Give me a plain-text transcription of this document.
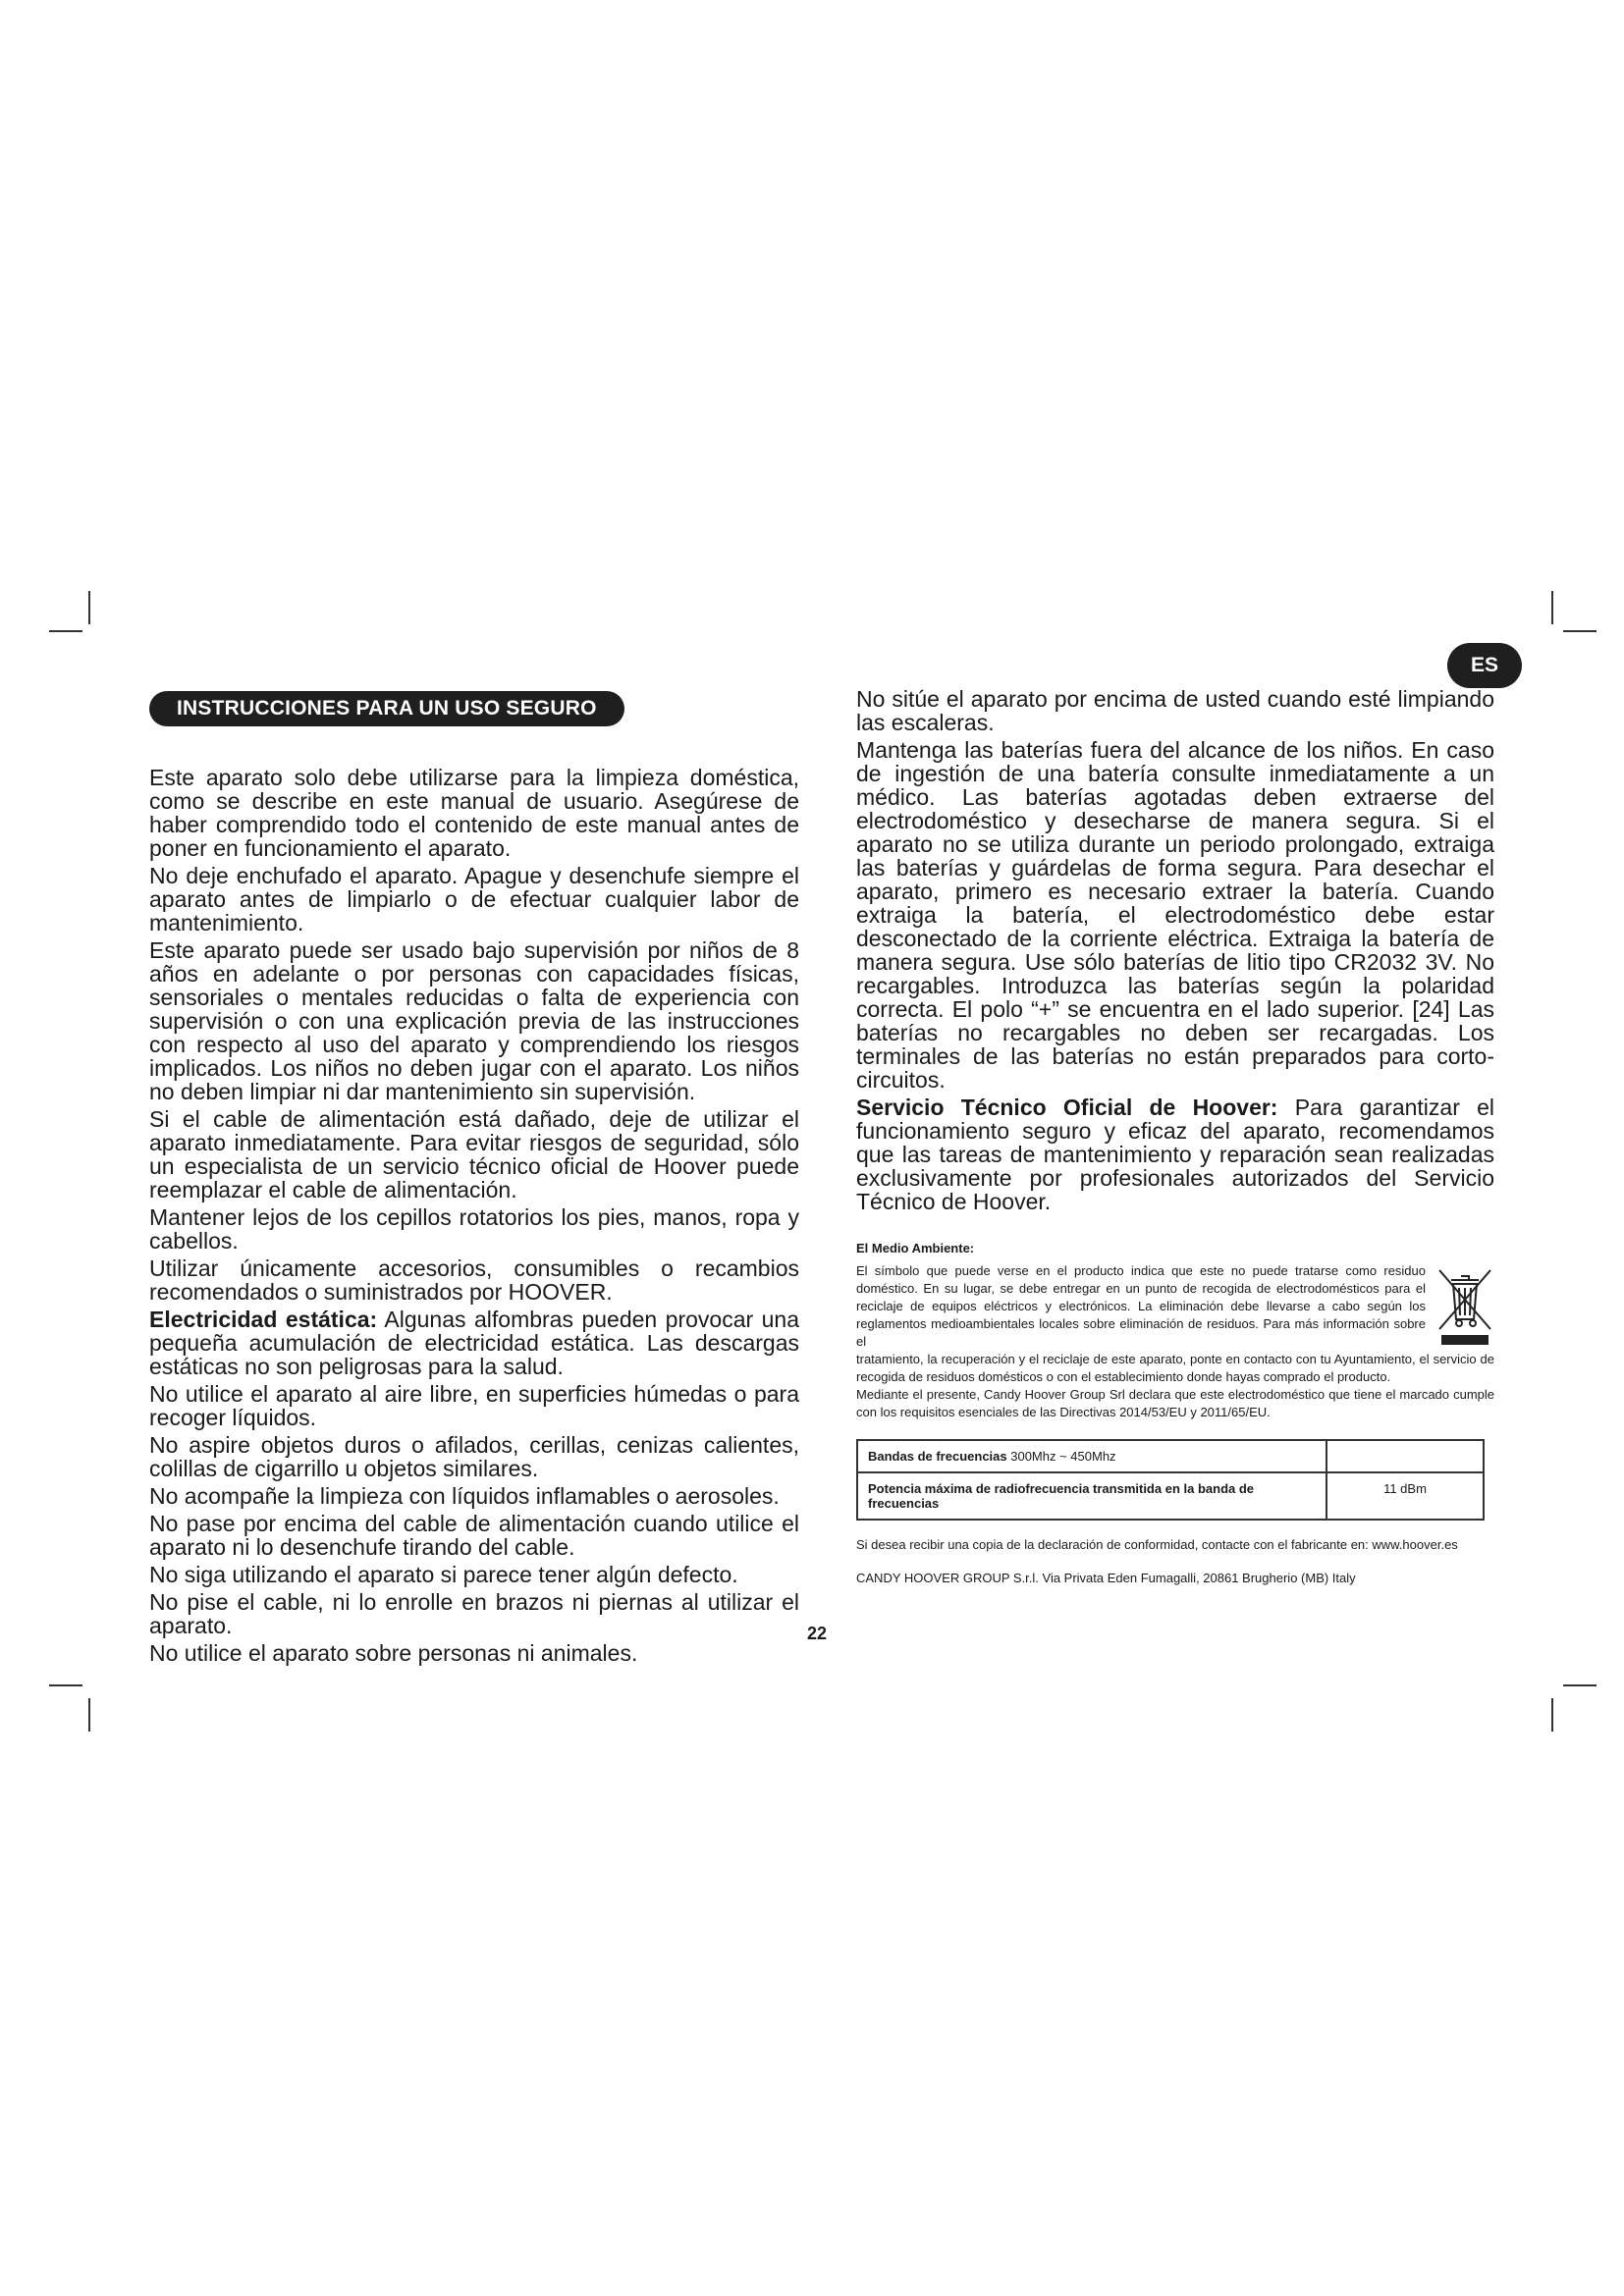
ES
INSTRUCCIONES PARA UN USO SEGURO

Este aparato solo debe utilizarse para la limpieza doméstica, como se describe en este manual de usuario. Asegúrese de haber comprendido todo el contenido de este manual antes de poner en funcionamiento el aparato.

No deje enchufado el aparato. Apague y desenchufe siempre el aparato antes de limpiarlo o de efectuar cualquier labor de mantenimiento.

Este aparato puede ser usado bajo supervisión por niños de 8 años en adelante o por personas con capacidades físicas, sensoriales o mentales reducidas o falta de experiencia con supervisión o con una explicación previa de las instrucciones con respecto al uso del aparato y comprendiendo los riesgos implicados. Los niños no deben jugar con el aparato. Los niños no deben limpiar ni dar mantenimiento sin supervisión.

Si el cable de alimentación está dañado, deje de utilizar el aparato inmediatamente. Para evitar riesgos de seguridad, sólo un especialista de un servicio técnico oficial de Hoover puede reemplazar el cable de alimentación.

Mantener lejos de los cepillos rotatorios los pies, manos, ropa y cabellos.

Utilizar únicamente accesorios, consumibles o recambios recomendados o suministrados por HOOVER.

Electricidad estática: Algunas alfombras pueden provocar una pequeña acumulación de electricidad estática. Las descargas estáticas no son peligrosas para la salud.

No utilice el aparato al aire libre, en superficies húmedas o para recoger líquidos.

No aspire objetos duros o afilados, cerillas, cenizas calientes, colillas de cigarrillo u objetos similares.

No acompañe la limpieza con líquidos inflamables o aerosoles.

No pase por encima del cable de alimentación cuando utilice el aparato ni lo desenchufe tirando del cable.

No siga utilizando el aparato si parece tener algún defecto.

No pise el cable, ni lo enrolle en brazos ni piernas al utilizar el aparato.

No utilice el aparato sobre personas ni animales.

No sitúe el aparato por encima de usted cuando esté limpiando las escaleras.

Mantenga las baterías fuera del alcance de los niños. En caso de ingestión de una batería consulte inmediatamente a un médico. Las baterías agotadas deben extraerse del electrodoméstico y desecharse de manera segura. Si el aparato no se utiliza durante un periodo prolongado, extraiga las baterías y guárdelas de forma segura. Para desechar el aparato, primero es necesario extraer la batería. Cuando extraiga la batería, el electrodoméstico debe estar desconectado de la corriente eléctrica. Extraiga la batería de manera segura. Use sólo baterías de litio tipo CR2032 3V. No recargables. Introduzca las baterías según la polaridad correcta. El polo “+” se encuentra en el lado superior. [24] Las baterías no recargables no deben ser recargadas. Los terminales de las baterías no están preparados para corto-circuitos.

Servicio Técnico Oficial de Hoover: Para garantizar el funcionamiento seguro y eficaz del aparato, recomendamos que las tareas de mantenimiento y reparación sean realizadas exclusivamente por profesionales autorizados del Servicio Técnico de Hoover.

El Medio Ambiente:

El símbolo que puede verse en el producto indica que este no puede tratarse como residuo doméstico. En su lugar, se debe entregar en un punto de recogida de electrodomésticos para el reciclaje de equipos eléctricos y electrónicos. La eliminación debe llevarse a cabo según los reglamentos medioambientales locales sobre eliminación de residuos. Para más información sobre el

tratamiento, la recuperación y el reciclaje de este aparato, ponte en contacto con tu Ayuntamiento, el servicio de recogida de residuos domésticos o con el establecimiento donde hayas comprado el producto.

Mediante el presente, Candy Hoover Group Srl declara que este electrodoméstico que tiene el marcado cumple con los requisitos esenciales de las Directivas 2014/53/EU y 2011/65/EU.

Bandas de frecuencias 300Mhz ~ 450Mhz	
Potencia máxima de radiofrecuencia transmitida en la banda de frecuencias	11 dBm

Si desea recibir una copia de la declaración de conformidad, contacte con el fabricante en: www.hoover.es

CANDY HOOVER GROUP S.r.l. Via Privata Eden Fumagalli, 20861 Brugherio (MB) Italy

22
